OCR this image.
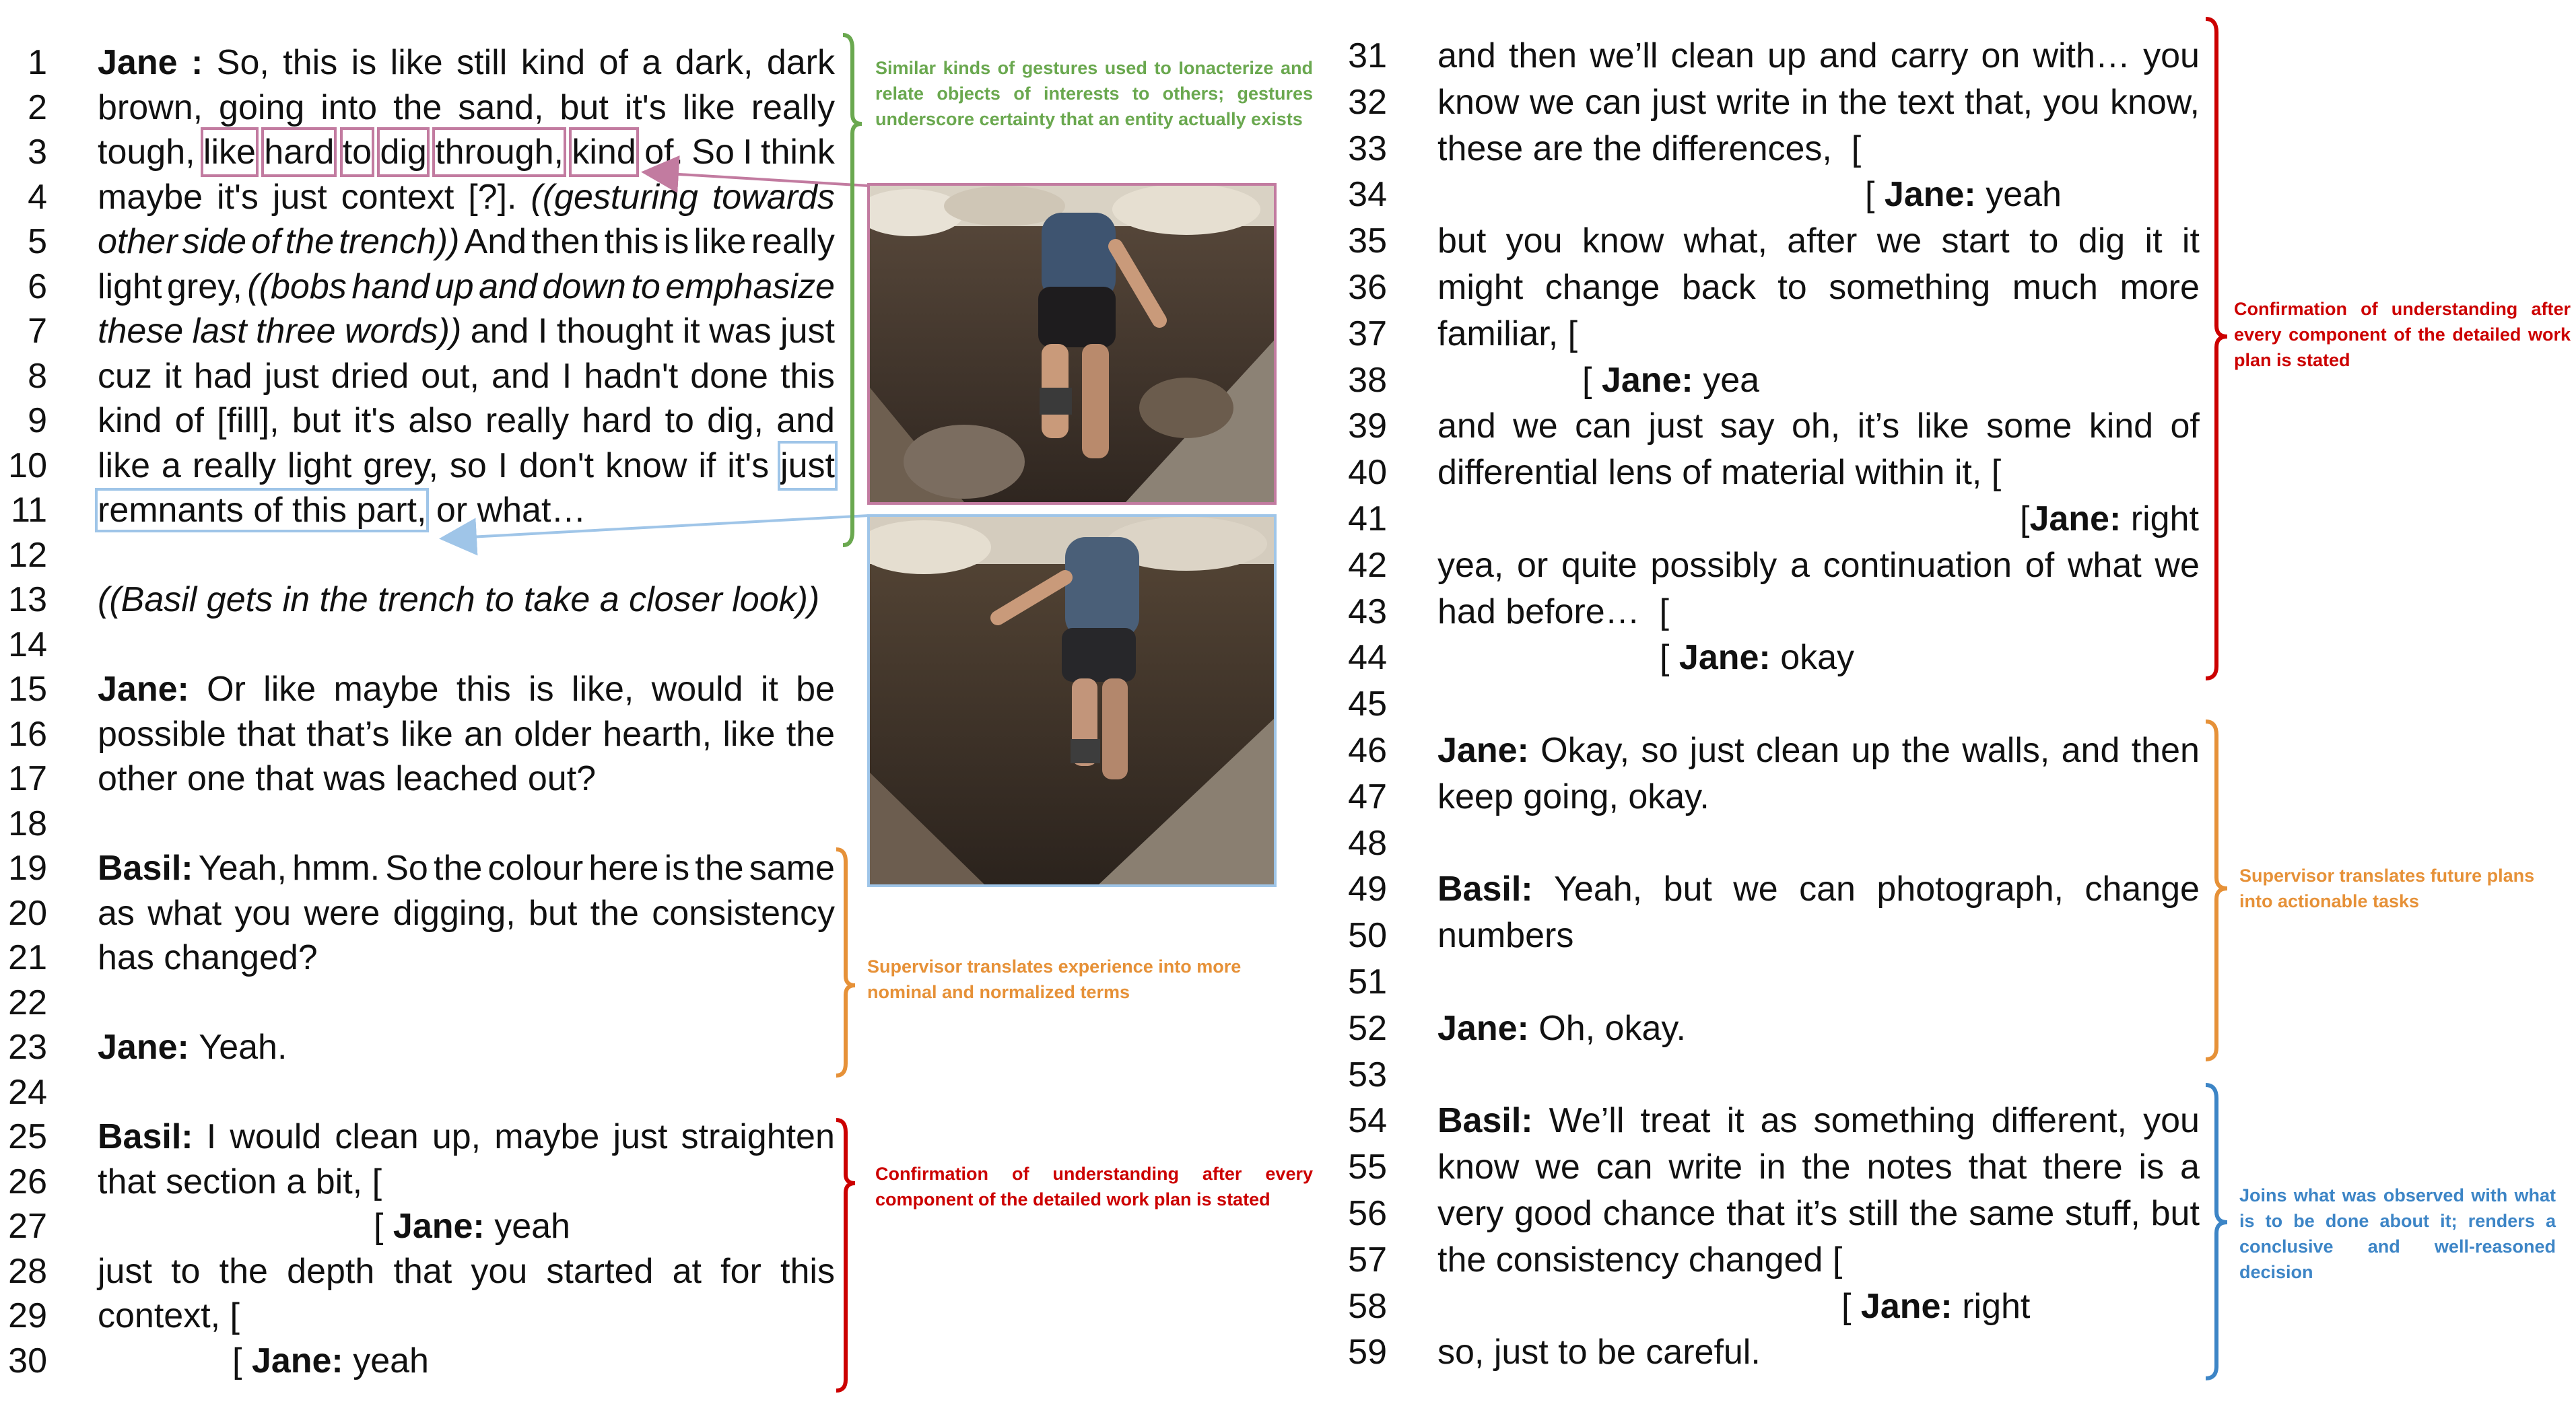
1 Jane : So, this is like still kind of a dark, dark
2 brown, going into the sand, but it's like really
3 tough, like hard to dig through, kind of. So I think
4 maybe it's just context [?]. ((gesturing towards
5 other side of the trench)) And then this is like really
6 light grey, ((bobs hand up and down to emphasize
7 these last three words)) and I thought it was just
8 cuz it had just dried out, and I hadn't done this
9 kind of [fill], but it's also really hard to dig, and
10 like a really light grey, so I don't know if it's just
11 remnants of this part, or what…
12
13 ((Basil gets in the trench to take a closer look))
14
15 Jane: Or like maybe this is like, would it be
16 possible that that’s like an older hearth, like the
17 other one that was leached out?
18
19 Basil: Yeah, hmm. So the colour here is the same
20 as what you were digging, but the consistency
21 has changed?
22
23 Jane: Yeah.
24
25 Basil: I would clean up, maybe just straighten
26 that section a bit, [
27	[ Jane: yeah
28 just to the depth that you started at for this
29 context, [
30	[ Jane: yeah
31 and then we’ll clean up and carry on with… you
32 know we can just write in the text that, you know,
33 these are the differences,  [
34	[ Jane: yeah
35 but you know what, after we start to dig it it
36 might change back to something much more
37 familiar, [
38	[ Jane: yea
39 and we can just say oh, it’s like some kind of
40 differential lens of material within it, [
41	[Jane: right
42 yea, or quite possibly a continuation of what we
43 had before…  [
44	[ Jane: okay
45
46 Jane: Okay, so just clean up the walls, and then
47 keep going, okay.
48
49 Basil: Yeah, but we can photograph, change
50 numbers
51
52 Jane: Oh, okay.
53
54 Basil: We’ll treat it as something different, you
55 know we can write in the notes that there is a
56 very good chance that it’s still the same stuff, but
57 the consistency changed [
58	[ Jane: right
59 so, just to be careful.
Similar kinds of gestures used to Ionacterize and relate objects of interests to others; gestures underscore certainty that an entity actually exists
Supervisor translates experience into more nominal and normalized terms
Confirmation of understanding after every component of the detailed work plan is stated
Confirmation of understanding after every component of the detailed work plan is stated
Supervisor translates future plans into actionable tasks
Joins what was observed with what is to be done about it; renders a conclusive and well-reasoned decision
